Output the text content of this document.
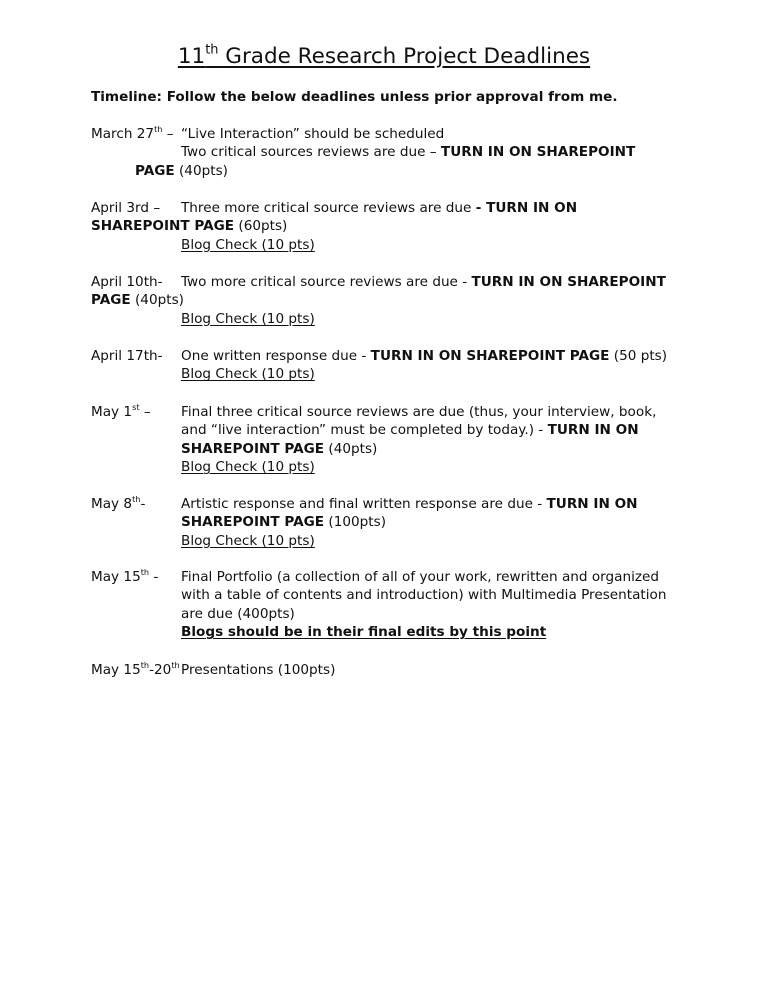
11th Grade Research Project Deadlines
Timeline: Follow the below deadlines unless prior approval from me.
March 27th – “Live Interaction” should be scheduled
Two critical sources reviews are due – TURN IN ON SHAREPOINT
PAGE (40pts)
April 3rd – Three more critical source reviews are due - TURN IN ON
SHAREPOINT PAGE (60pts)
Blog Check (10 pts)
April 10th- Two more critical source reviews are due - TURN IN ON SHAREPOINT
PAGE (40pts)
Blog Check (10 pts)
April 17th- One written response due - TURN IN ON SHAREPOINT PAGE (50 pts)
Blog Check (10 pts)
May 1st – Final three critical source reviews are due (thus, your interview, book,
and “live interaction” must be completed by today.) - TURN IN ON
SHAREPOINT PAGE (40pts)
Blog Check (10 pts)
May 8th-	Artistic response and final written response are due - TURN IN ON
SHAREPOINT PAGE (100pts)
Blog Check (10 pts)
May 15th - Final Portfolio (a collection of all of your work, rewritten and organized
with a table of contents and introduction) with Multimedia Presentation
are due (400pts)
Blogs should be in their final edits by this point
May 15th-20thPresentations (100pts)
